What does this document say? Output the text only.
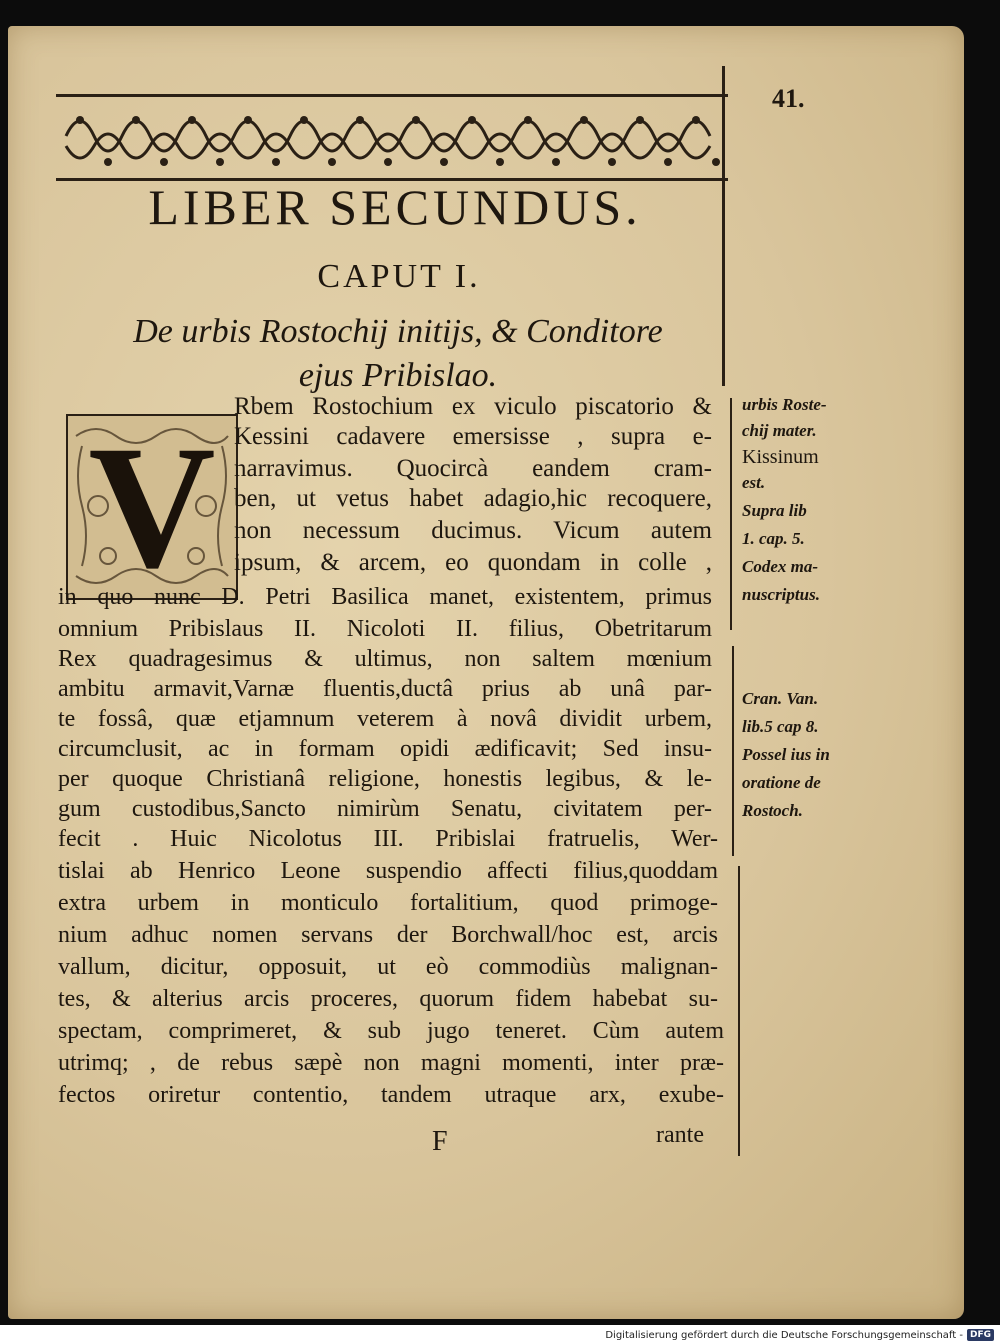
41.
LIBER SECUNDUS.
CAPUT I.
De urbis Rostochij initijs, & Conditore
ejus Pribislao.
V
Rbem Rostochium ex viculo piscatorio &
Kessini cadavere emersisse , supra e-
narravimus. Quocircà eandem cram-
ben, ut vetus habet adagio,hic recoquere,
non necessum ducimus. Vicum autem
ipsum, & arcem, eo quondam in colle ,
in quo nunc D. Petri Basilica manet, existentem, primus
omnium Pribislaus II. Nicoloti II. filius, Obetritarum
Rex quadragesimus & ultimus, non saltem mœnium
ambitu armavit,Varnæ fluentis,ductâ prius ab unâ par-
te fossâ, quæ etjamnum veterem à novâ dividit urbem,
circumclusit, ac in formam opidi ædificavit; Sed insu-
per quoque Christianâ religione, honestis legibus, & le-
gum custodibus,Sancto nimirùm Senatu, civitatem per-
fecit . Huic Nicolotus III. Pribislai fratruelis, Wer-
tislai ab Henrico Leone suspendio affecti filius,quoddam
extra urbem in monticulo fortalitium, quod primoge-
nium adhuc nomen servans der Borchwall/hoc est, arcis
vallum, dicitur, opposuit, ut eò commodiùs malignan-
tes, & alterius arcis proceres, quorum fidem habebat su-
spectam, comprimeret, & sub jugo teneret. Cùm autem
utrimq; , de rebus sæpè non magni momenti, inter præ-
fectos oriretur contentio, tandem utraque arx, exube-
F	rante
urbis Roste-
chij mater.
Kissinum
est.
Supra lib
1. cap. 5.
Codex ma-
nuscriptus.
Cran. Van.
lib.5 cap 8.
Possel ius in
oratione de
Rostoch.
Digitalisierung gefördert durch die Deutsche Forschungsgemeinschaft - DFG
